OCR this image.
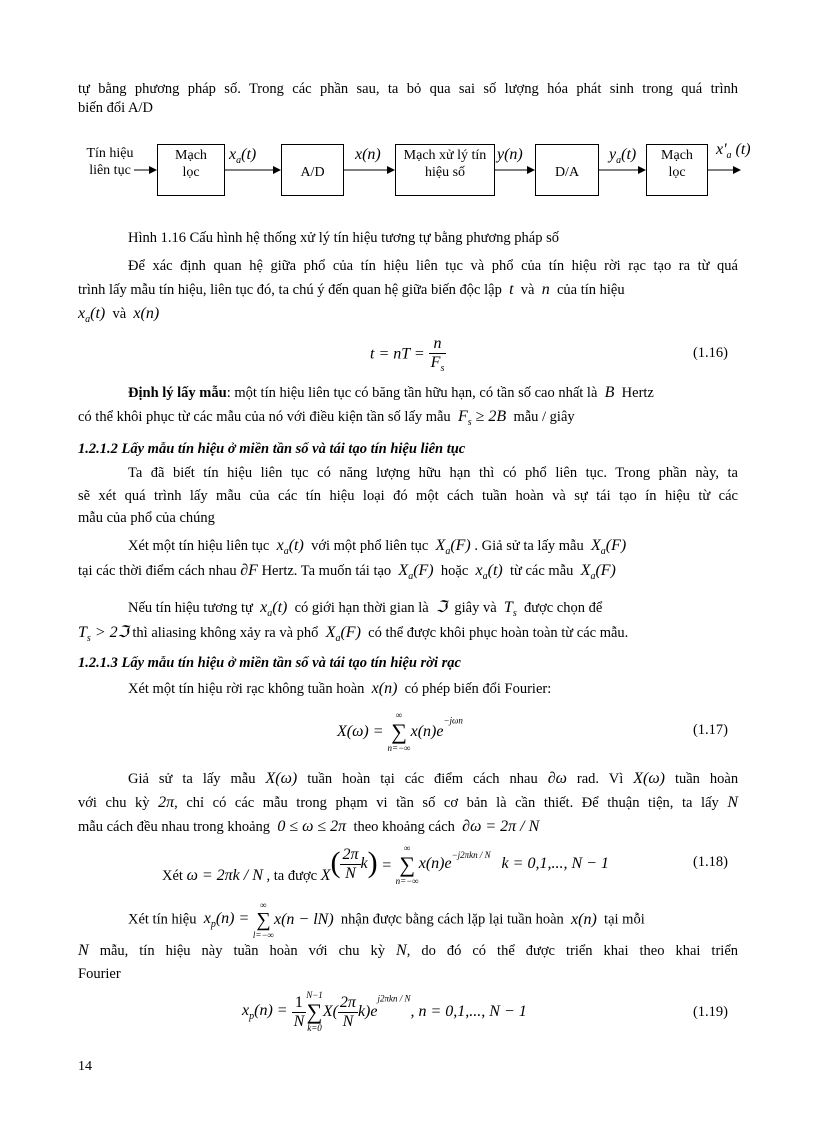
tự bằng phương pháp số. Trong các phần sau, ta bỏ qua sai số lượng hóa phát sinh trong quá trình
biến đổi A/D
Tín hiệu
liên tục
Mạch
lọc
$x_a(t)$
A/D
x(n)	Mạch xử lý tín
hiệu số
y(n)
D/A
$y_a(t)$	Mạch
lọc
$x'_a$ (t)
Hình 1.16 Cấu hình hệ thống xử lý tín hiệu tương tự bằng phương pháp số
Để xác định quan hệ giữa phổ của tín hiệu liên tục và phổ của tín hiệu rời rạc tạo ra từ quá
trình lấy mẫu tín hiệu, liên tục đó, ta chú ý đến quan hệ giữa biến độc lập t và n của tín hiệu
$x_a(t)$ và x(n)
t = nT = $\frac{n}{F_s}$	(1.16)
Định lý lấy mẫu: một tín hiệu liên tục có băng tần hữu hạn, có tần số cao nhất là B Hertz
có thể khôi phục từ các mẫu của nó với điều kiện tần số lấy mẫu $F_s \ge 2B$ mẫu / giây
1.2.1.2 Lấy mẫu tín hiệu ở miền tần số và tái tạo tín hiệu liên tục
Ta đã biết tín hiệu liên tục có năng lượng hữu hạn thì có phổ liên tục. Trong phần này, ta
sẽ xét quá trình lấy mẫu của các tín hiệu loại đó một cách tuần hoàn và sự tái tạo ín hiệu từ các
mẫu của phổ của chúng
Xét một tín hiệu liên tục $x_a(t)$ với một phổ liên tục $X_a(F)$ . Giả sử ta lấy mẫu $X_a(F)$
tại các thời điểm cách nhau ∂F Hertz. Ta muốn tái tạo $X_a(F)$ hoặc $x_a(t)$ từ các mẫu $X_a(F)$
Nếu tín hiệu tương tự $x_a(t)$ có giới hạn thời gian là ℑ giây và $T_s$ được chọn để
$T_s$ > 2ℑ thì aliasing không xảy ra và phổ $X_a(F)$ có thể được khôi phục hoàn toàn từ các mẫu.
1.2.1.3 Lấy mẫu tín hiệu ở miền tần số và tái tạo tín hiệu rời rạc
Xét một tín hiệu rời rạc không tuần hoàn x(n) có phép biến đổi Fourier:
X(ω) =
∞
∑
n=−∞
$x(n)e^{-j\omega n}$
(1.17)
Giả sử ta lấy mẫu X(ω) tuần hoàn tại các điểm cách nhau ∂ω rad. Vì X(ω) tuần hoàn
với chu kỳ 2π, chỉ có các mẫu trong phạm vi tần số cơ bản là cần thiết. Để thuận tiện, ta lấy N
mẫu cách đều nhau trong khoảng 0 ≤ ω ≤ 2π theo khoảng cách ∂ω = 2π / N
Xét ω = 2πk / N , ta được $X( \frac{2\pi}{N} k)$ =
∞
∑
n=−∞
$x(n)e^{-j2\pi kn / N}$ k = 0,1,..., N − 1	(1.18)
Xét tín hiệu $x_p(n)$ =
∞
∑
l=−∞
x(n − lN) nhận được bằng cách lặp lại tuần hoàn x(n) tại mỗi
N mẫu, tín hiệu này tuần hoàn với chu kỳ N, do đó có thể được triển khai theo khai triển
Fourier
$x_p(n) = \frac{1}{N} N-1$
∑
k=0
$X( \frac{2\pi}{N} k)e^{j2\pi kn / N}$, n = 0,1,..., N − 1	(1.19)
14
